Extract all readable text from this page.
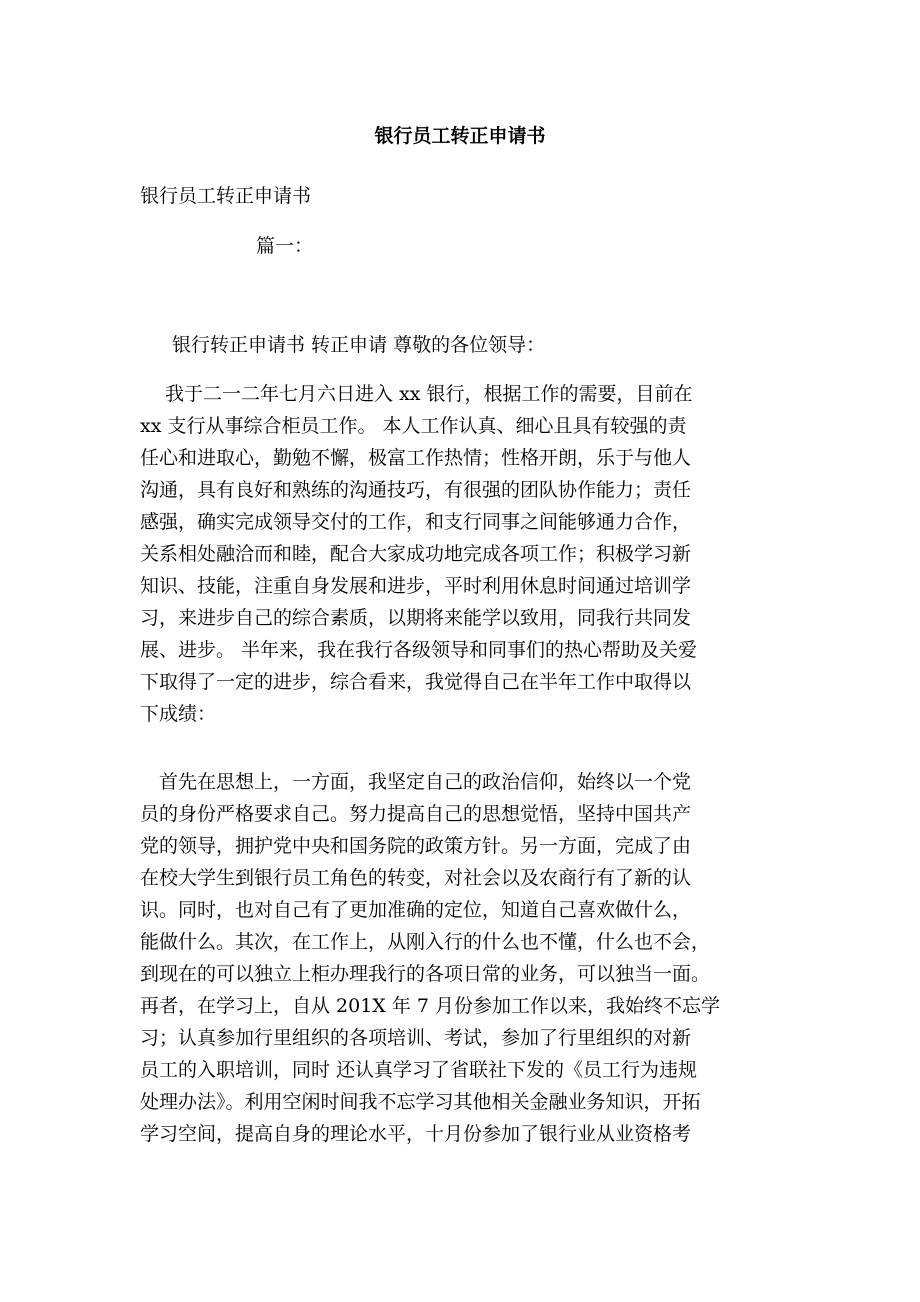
银行员工转正申请书
银行员工转正申请书
篇一：
银行转正申请书 转正申请 尊敬的各位领导：
我于二一二年七月六日进入 xx 银行，根据工作的需要，目前在
xx 支行从事综合柜员工作。 本人工作认真、细心且具有较强的责
任心和进取心，勤勉不懈，极富工作热情；性格开朗，乐于与他人
沟通，具有良好和熟练的沟通技巧，有很强的团队协作能力；责任
感强，确实完成领导交付的工作，和支行同事之间能够通力合作，
关系相处融洽而和睦，配合大家成功地完成各项工作；积极学习新
知识、技能，注重自身发展和进步，平时利用休息时间通过培训学
习，来进步自己的综合素质，以期将来能学以致用，同我行共同发
展、进步。 半年来，我在我行各级领导和同事们的热心帮助及关爱
下取得了一定的进步，综合看来，我觉得自己在半年工作中取得以
下成绩：
首先在思想上，一方面，我坚定自己的政治信仰，始终以一个党
员的身份严格要求自己。努力提高自己的思想觉悟，坚持中国共产
党的领导，拥护党中央和国务院的政策方针。另一方面，完成了由
在校大学生到银行员工角色的转变，对社会以及农商行有了新的认
识。同时，也对自己有了更加准确的定位，知道自己喜欢做什么，
能做什么。其次，在工作上，从刚入行的什么也不懂，什么也不会，
到现在的可以独立上柜办理我行的各项日常的业务，可以独当一面。
再者，在学习上，自从 201X 年 7 月份参加工作以来，我始终不忘学
习；认真参加行里组织的各项培训、考试，参加了行里组织的对新
员工的入职培训，同时 还认真学习了省联社下发的《员工行为违规
处理办法》。利用空闲时间我不忘学习其他相关金融业务知识，开拓
学习空间，提高自身的理论水平，十月份参加了银行业从业资格考
